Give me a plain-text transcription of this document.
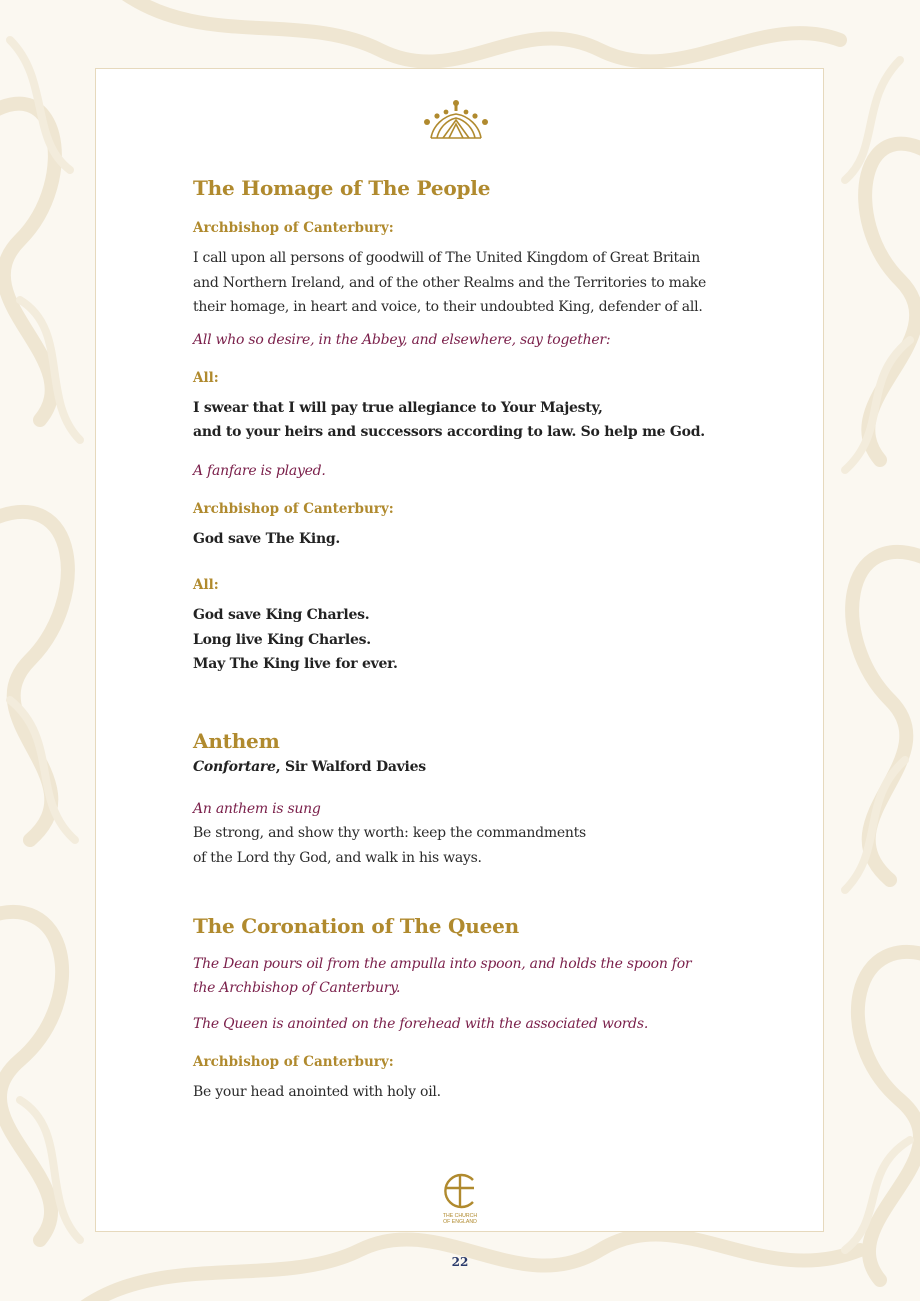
The Homage of The People

Archbishop of Canterbury:

I call upon all persons of goodwill of The United Kingdom of Great Britain
and Northern Ireland, and of the other Realms and the Territories to make
their homage, in heart and voice, to their undoubted King, defender of all.

All who so desire, in the Abbey, and elsewhere, say together:

All:

I swear that I will pay true allegiance to Your Majesty,
and to your heirs and successors according to law. So help me God.

A fanfare is played.

Archbishop of Canterbury:

God save The King.

All:

God save King Charles.
Long live King Charles.
May The King live for ever.

Anthem

Confortare, Sir Walford Davies

An anthem is sung

Be strong, and show thy worth: keep the commandments
of the Lord thy God, and walk in his ways.

The Coronation of The Queen

The Dean pours oil from the ampulla into spoon, and holds the spoon for
the Archbishop of Canterbury.

The Queen is anointed on the forehead with the associated words.

Archbishop of Canterbury:

Be your head anointed with holy oil.

THE CHURCH
OF ENGLAND
22
